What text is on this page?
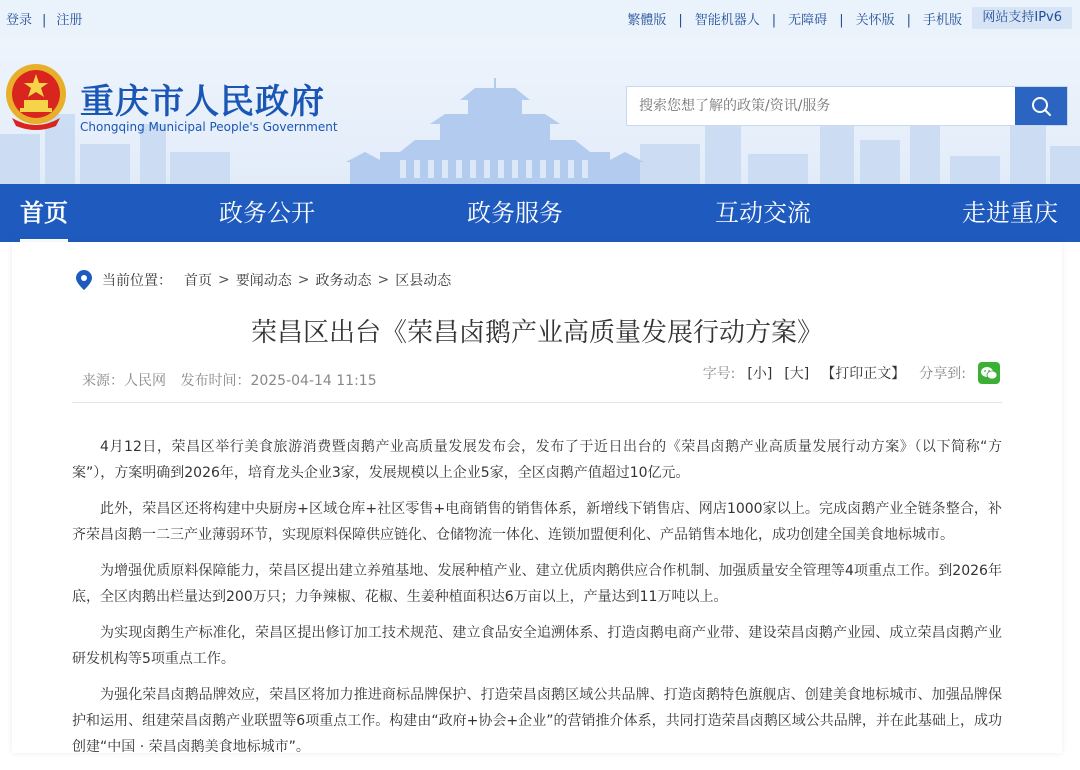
登录 | 注册	繁體版 | 智能机器人 | 无障碍 | 关怀版 | 手机版	网站支持IPv6
重庆市人民政府
Chongqing Municipal People's Government
搜索您想了解的政策/资讯/服务
首页	政务公开	政务服务	互动交流	走进重庆
当前位置： 首页 > 要闻动态 > 政务动态 > 区县动态
荣昌区出台《荣昌卤鹅产业高质量发展行动方案》
来源：人民网 发布时间：2025-04-14 11:15	字号: [小] [大] 【打印正文】 分享到:

4月12日，荣昌区举行美食旅游消费暨卤鹅产业高质量发展发布会，发布了于近日出台的《荣昌卤鹅产业高质量发展行动方案》（以下简称“方案”），方案明确到2026年，培育龙头企业3家，发展规模以上企业5家，全区卤鹅产值超过10亿元。

此外，荣昌区还将构建中央厨房+区域仓库+社区零售+电商销售的销售体系，新增线下销售店、网店1000家以上。完成卤鹅产业全链条整合，补齐荣昌卤鹅一二三产业薄弱环节，实现原料保障供应链化、仓储物流一体化、连锁加盟便利化、产品销售本地化，成功创建全国美食地标城市。

为增强优质原料保障能力，荣昌区提出建立养殖基地、发展种植产业、建立优质肉鹅供应合作机制、加强质量安全管理等4项重点工作。到2026年底，全区肉鹅出栏量达到200万只；力争辣椒、花椒、生姜种植面积达6万亩以上，产量达到11万吨以上。

为实现卤鹅生产标准化，荣昌区提出修订加工技术规范、建立食品安全追溯体系、打造卤鹅电商产业带、建设荣昌卤鹅产业园、成立荣昌卤鹅产业研发机构等5项重点工作。

为强化荣昌卤鹅品牌效应，荣昌区将加力推进商标品牌保护、打造荣昌卤鹅区域公共品牌、打造卤鹅特色旗舰店、创建美食地标城市、加强品牌保护和运用、组建荣昌卤鹅产业联盟等6项重点工作。构建由“政府+协会+企业”的营销推介体系，共同打造荣昌卤鹅区域公共品牌，并在此基础上，成功创建“中国 · 荣昌卤鹅美食地标城市”。
